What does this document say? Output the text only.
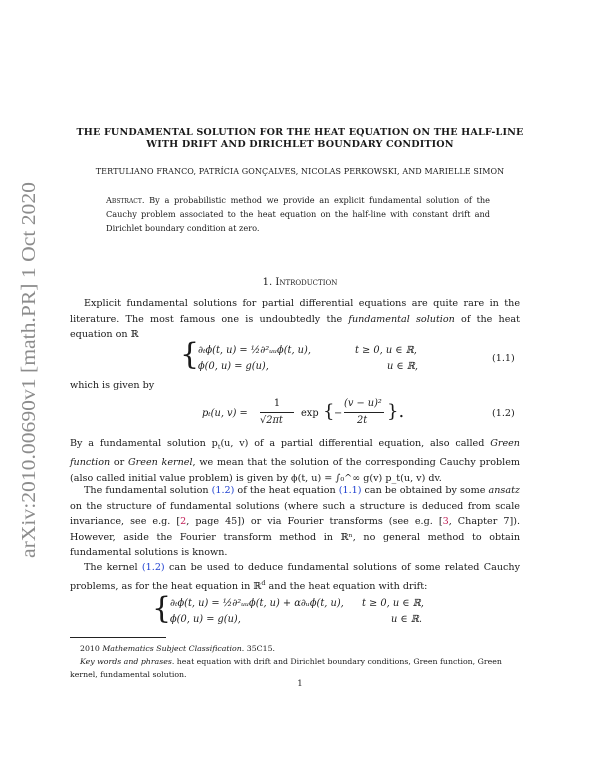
arXiv:2010.00690v1 [math.PR] 1 Oct 2020
THE FUNDAMENTAL SOLUTION FOR THE HEAT EQUATION ON THE HALF-LINE
WITH DRIFT AND DIRICHLET BOUNDARY CONDITION
TERTULIANO FRANCO, PATRÍCIA GONÇALVES, NICOLAS PERKOWSKI, AND MARIELLE SIMON
Abstract. By a probabilistic method we provide an explicit fundamental solution of the Cauchy problem associated to the heat equation on the half-line with constant drift and Dirichlet boundary condition at zero.
1. Introduction
Explicit fundamental solutions for partial differential equations are quite rare in the literature. The most famous one is undoubtedly the fundamental solution of the heat equation on ℝ
{
∂ₜϕ(t, u) = ½∂²ᵤᵤϕ(t, u),	t ≥ 0, u ∈ ℝ,
ϕ(0, u) = g(u),	u ∈ ℝ,
(1.1)
which is given by
pₜ(u, v) =
1
√2πt
exp { −
(v − u)²
2t }.	(1.2)
By a fundamental solution $p_t(u$, v) of a partial differential equation, also called Green function or Green kernel, we mean that the solution of the corresponding Cauchy problem (also called initial value problem) is given by ϕ(t, u) = ∫₀^∞ g(v) p_t(u, v) dv.
The fundamental solution (1.2) of the heat equation (1.1) can be obtained by some ansatz on the structure of fundamental solutions (where such a structure is deduced from scale invariance, see e.g. [2, page 45]) or via Fourier transforms (see e.g. [3, Chapter 7]). However, aside the Fourier transform method in ℝⁿ, no general method to obtain fundamental solutions is known.
The kernel (1.2) can be used to deduce fundamental solutions of some related Cauchy problems, as for the heat equation in ℝ$^d$ and the heat equation with drift:
{
∂ₜϕ(t, u) = ½∂²ᵤᵤϕ(t, u) + α∂ᵤϕ(t, u), t ≥ 0, u ∈ ℝ,
ϕ(0, u) = g(u),	u ∈ ℝ.
2010 Mathematics Subject Classification. 35C15.
Key words and phrases. heat equation with drift and Dirichlet boundary conditions, Green function, Green kernel, fundamental solution.
1
